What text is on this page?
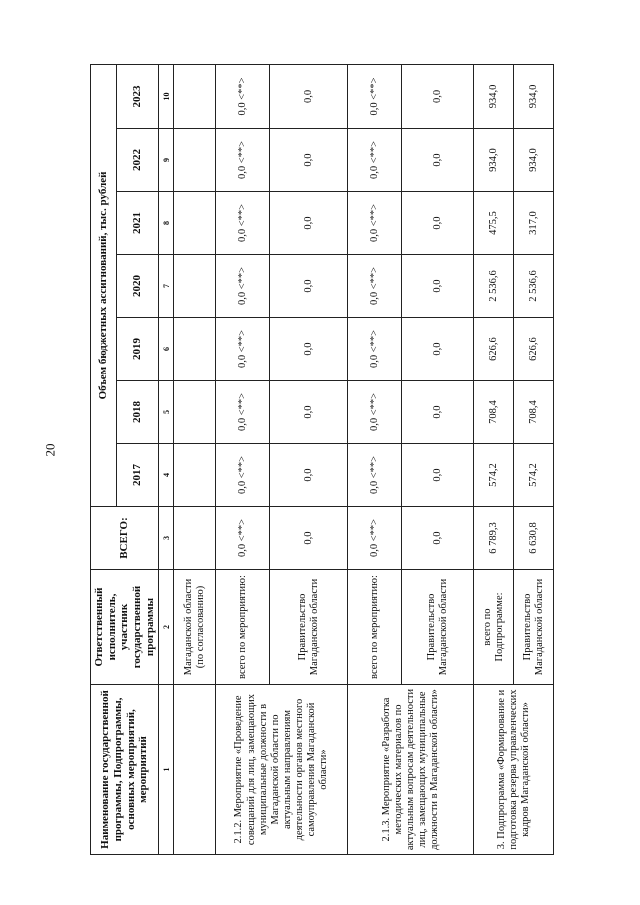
20
Наименование государственной программы, Подпрограммы, основных мероприятий, мероприятий	Ответственный исполнитель, участник государственной программы	ВСЕГО:	Объем бюджетных ассигнований, тыс. рублей						
			2017	2018	2019	2020	2021	2022	2023
1	2	3	4	5	6	7	8	9	10
	Магаданской области (по согласованию)								
2.1.2. Мероприятие «Проведение совещаний для лиц, замещающих муниципальные должности в Магаданской области по актуальным направлениям деятельности органов местного самоуправления Магаданской области»	всего по мероприятию:	0,0 <**>	0,0 <**>	0,0 <**>	0,0 <**>	0,0 <**>	0,0 <**>	0,0 <**>	0,0 <**>
	Правительство Магаданской области	0,0	0,0	0,0	0,0	0,0	0,0	0,0	0,0
2.1.3. Мероприятие «Разработка методических материалов по актуальным вопросам деятельности лиц, замещающих муниципальные должности в Магаданской области»	всего по мероприятию:	0,0 <**>	0,0 <**>	0,0 <**>	0,0 <**>	0,0 <**>	0,0 <**>	0,0 <**>	0,0 <**>
	Правительство Магаданской области	0,0	0,0	0,0	0,0	0,0	0,0	0,0	0,0
3. Подпрограмма «Формирование и подготовка резерва управленческих кадров Магаданской области»	всего по Подпрограмме:	6 789,3	574,2	708,4	626,6	2 536,6	475,5	934,0	934,0
	Правительство Магаданской области	6 630,8	574,2	708,4	626,6	2 536,6	317,0	934,0	934,0
